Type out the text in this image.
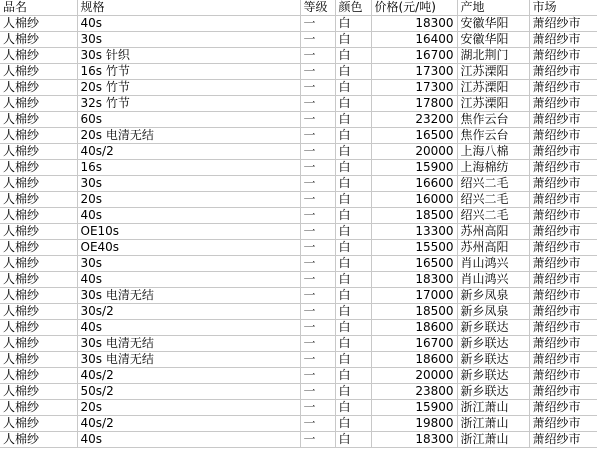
品名	规格	等级	颜色	价格(元/吨)	产地	市场
人棉纱	40s	一	白	18300	安徽华阳	萧绍纱市
人棉纱	30s	一	白	16400	安徽华阳	萧绍纱市
人棉纱	30s 针织	一	白	16700	湖北荆门	萧绍纱市
人棉纱	16s 竹节	一	白	17300	江苏溧阳	萧绍纱市
人棉纱	20s 竹节	一	白	17300	江苏溧阳	萧绍纱市
人棉纱	32s 竹节	一	白	17800	江苏溧阳	萧绍纱市
人棉纱	60s	一	白	23200	焦作云台	萧绍纱市
人棉纱	20s 电清无结	一	白	16500	焦作云台	萧绍纱市
人棉纱	40s/2	一	白	20000	上海八棉	萧绍纱市
人棉纱	16s	一	白	15900	上海棉纺	萧绍纱市
人棉纱	30s	一	白	16600	绍兴二毛	萧绍纱市
人棉纱	20s	一	白	16000	绍兴二毛	萧绍纱市
人棉纱	40s	一	白	18500	绍兴二毛	萧绍纱市
人棉纱	OE10s	一	白	13300	苏州高阳	萧绍纱市
人棉纱	OE40s	一	白	15500	苏州高阳	萧绍纱市
人棉纱	30s	一	白	16500	肖山鸿兴	萧绍纱市
人棉纱	40s	一	白	18300	肖山鸿兴	萧绍纱市
人棉纱	30s 电清无结	一	白	17000	新乡凤泉	萧绍纱市
人棉纱	30s/2	一	白	18500	新乡凤泉	萧绍纱市
人棉纱	40s	一	白	18600	新乡联达	萧绍纱市
人棉纱	30s 电清无结	一	白	16700	新乡联达	萧绍纱市
人棉纱	30s 电清无结	一	白	18600	新乡联达	萧绍纱市
人棉纱	40s/2	一	白	20000	新乡联达	萧绍纱市
人棉纱	50s/2	一	白	23800	新乡联达	萧绍纱市
人棉纱	20s	一	白	15900	浙江萧山	萧绍纱市
人棉纱	40s/2	一	白	19800	浙江萧山	萧绍纱市
人棉纱	40s	一	白	18300	浙江萧山	萧绍纱市
